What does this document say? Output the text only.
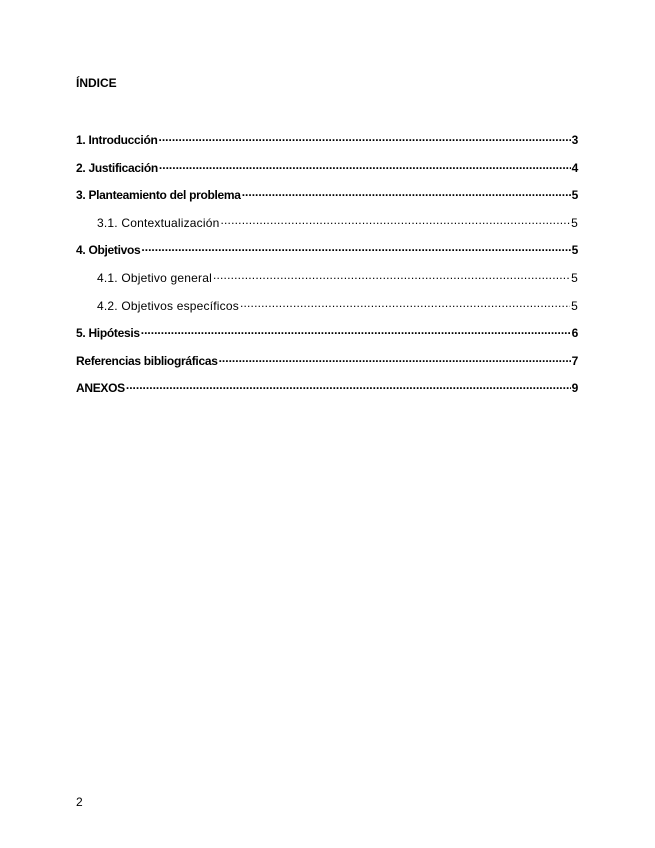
ÍNDICE
1. Introducción .....	3
2. Justificación .....	4
3. Planteamiento del problema .....	5
3.1. Contextualización .....	5
4. Objetivos .....	5
4.1. Objetivo general .....	5
4.2. Objetivos específicos .....	5
5. Hipótesis .....	6
Referencias bibliográficas .....	7
ANEXOS .....	9
2
